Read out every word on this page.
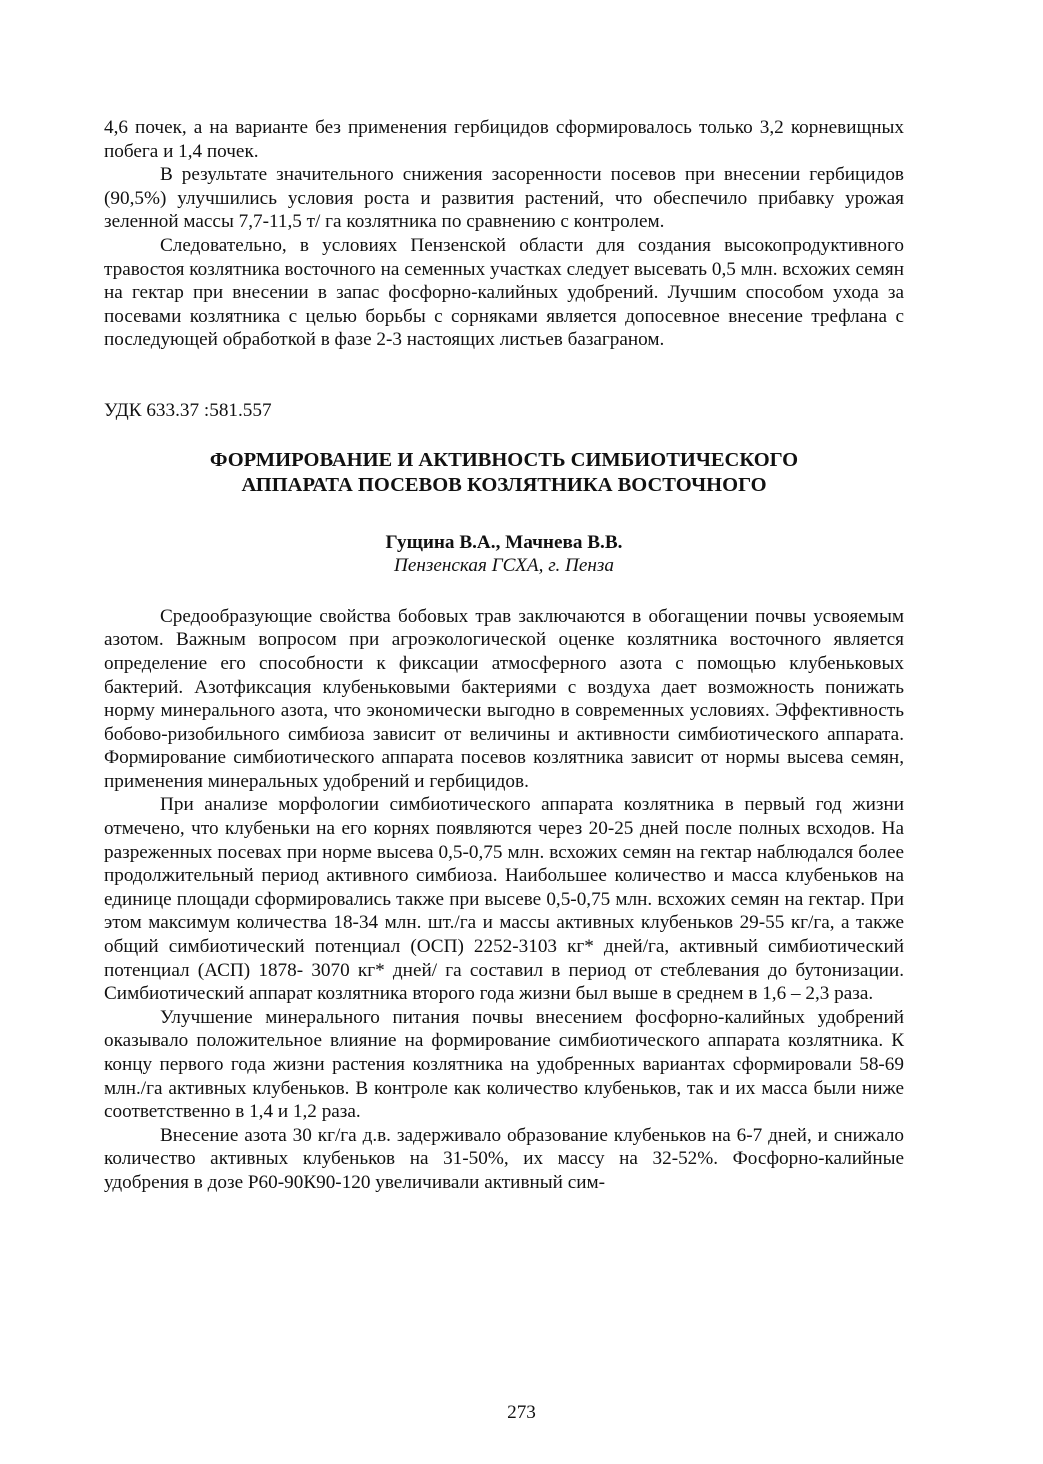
4,6 почек, а на варианте без применения гербицидов сформировалось только 3,2 корневищных побега и 1,4 почек.

В результате значительного снижения засоренности посевов при внесении гербицидов (90,5%) улучшились условия роста и развития растений, что обеспечило прибавку урожая зеленной массы 7,7-11,5 т/ га козлятника по сравнению с контролем.

Следовательно, в условиях Пензенской области для создания высокопродуктивного травостоя козлятника восточного на семенных участках следует высевать 0,5 млн. всхожих семян на гектар при внесении в запас фосфорно-калийных удобрений. Лучшим способом ухода за посевами козлятника с целью борьбы с сорняками является допосевное внесение трефлана с последующей обработкой в фазе 2-3 настоящих листьев базаграном.

УДК 633.37 :581.557

ФОРМИРОВАНИЕ И АКТИВНОСТЬ СИМБИОТИЧЕСКОГО
АППАРАТА ПОСЕВОВ КОЗЛЯТНИКА ВОСТОЧНОГО

Гущина В.А., Мачнева В.В.

Пензенская ГСХА, г. Пенза

Средообразующие свойства бобовых трав заключаются в обогащении почвы усвояемым азотом. Важным вопросом при агроэкологической оценке козлятника восточного является определение его способности к фиксации атмосферного азота с помощью клубеньковых бактерий. Азотфиксация клубеньковыми бактериями с воздуха дает возможность понижать норму минерального азота, что экономически выгодно в современных условиях. Эффективность бобово-ризобильного симбиоза зависит от величины и активности симбиотического аппарата. Формирование симбиотического аппарата посевов козлятника зависит от нормы высева семян, применения минеральных удобрений и гербицидов.

При анализе морфологии симбиотического аппарата козлятника в первый год жизни отмечено, что клубеньки на его корнях появляются через 20-25 дней после полных всходов. На разреженных посевах при норме высева 0,5-0,75 млн. всхожих семян на гектар наблюдался более продолжительный период активного симбиоза. Наибольшее количество и масса клубеньков на единице площади сформировались также при высеве 0,5-0,75 млн. всхожих семян на гектар. При этом максимум количества 18-34 млн. шт./га и массы активных клубеньков 29-55 кг/га, а также общий симбиотический потенциал (ОСП) 2252-3103 кг* дней/га, активный симбиотический потенциал (АСП) 1878- 3070 кг* дней/ га составил в период от стеблевания до бутонизации. Симбиотический аппарат козлятника второго года жизни был выше в среднем в 1,6 – 2,3 раза.

Улучшение минерального питания почвы внесением фосфорно-калийных удобрений оказывало положительное влияние на формирование симбиотического аппарата козлятника. К концу первого года жизни растения козлятника на удобренных вариантах сформировали 58-69 млн./га активных клубеньков. В контроле как количество клубеньков, так и их масса были ниже соответственно в 1,4 и 1,2 раза.

Внесение азота 30 кг/га д.в. задерживало образование клубеньков на 6-7 дней, и снижало количество активных клубеньков на 31-50%, их массу на 32-52%. Фосфорно-калийные удобрения в дозе Р60-90К90-120 увеличивали активный сим-

273
